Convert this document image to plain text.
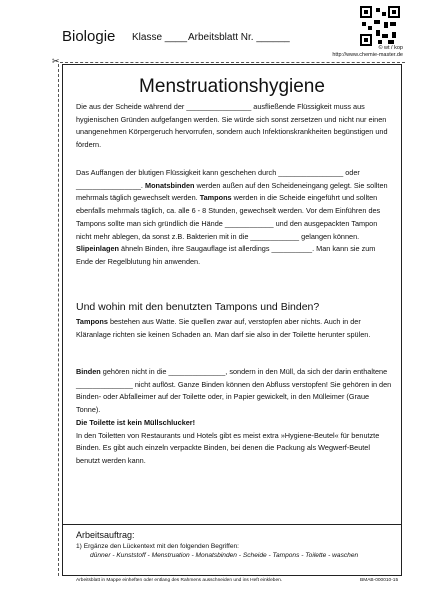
Biologie Klasse ____ Arbeitsblatt Nr. ______
© wt / kop
http://www.chemie-master.de
✂
Menstruationshygiene

Die aus der Scheide während der ________________ ausfließende Flüssigkeit muss aus hygienischen Gründen aufgefangen werden. Sie würde sich sonst zersetzen und nicht nur einen unangenehmen Körpergeruch hervorrufen, sondern auch Infektionskrankheiten begünstigen und fördern.

Das Auffangen der blutigen Flüssigkeit kann geschehen durch ________________ oder ________________. Monatsbinden werden außen auf den Scheideneingang gelegt. Sie sollten mehrmals täglich gewechselt werden. Tampons werden in die Scheide eingeführt und sollten ebenfalls mehrmals täglich, ca. alle 6 - 8 Stunden, gewechselt werden. Vor dem Einführen des Tampons sollte man sich gründlich die Hände ____________ und den ausgepackten Tampon nicht mehr ablegen, da sonst z.B. Bakterien mit in die ____________ gelangen können. Slipeinlagen ähneln Binden, ihre Saugauflage ist allerdings __________. Man kann sie zum Ende der Regelblutung hin anwenden.

Und wohin mit den benutzten Tampons und Binden?

Tampons bestehen aus Watte. Sie quellen zwar auf, verstopfen aber nichts. Auch in der Kläranlage richten sie keinen Schaden an. Man darf sie also in der Toilette herunter spülen.

Binden gehören nicht in die ______________, sondern in den Müll, da sich der darin enthaltene ______________ nicht auflöst. Ganze Binden können den Abfluss verstopfen! Sie gehören in den Binden- oder Abfalleimer auf der Toilette oder, in Papier gewickelt, in den Mülleimer (Graue Tonne).
Die Toilette ist kein Müllschlucker!
In den Toiletten von Restaurants und Hotels gibt es meist extra »Hygiene-Beutel« für benutzte Binden. Es gibt auch einzeln verpackte Binden, bei denen die Packung als Wegwerf-Beutel benutzt werden kann.

Arbeitsauftrag:
1) Ergänze den Lückentext mit den folgenden Begriffen:
dünner - Kunststoff - Menstruation - Monatsbinden - Scheide - Tampons - Toilette - waschen
Arbeitsblatt in Mappe einheften oder entlang des Rahmens ausschneiden und ins Heft einkleben.	BMAB-000010-15
